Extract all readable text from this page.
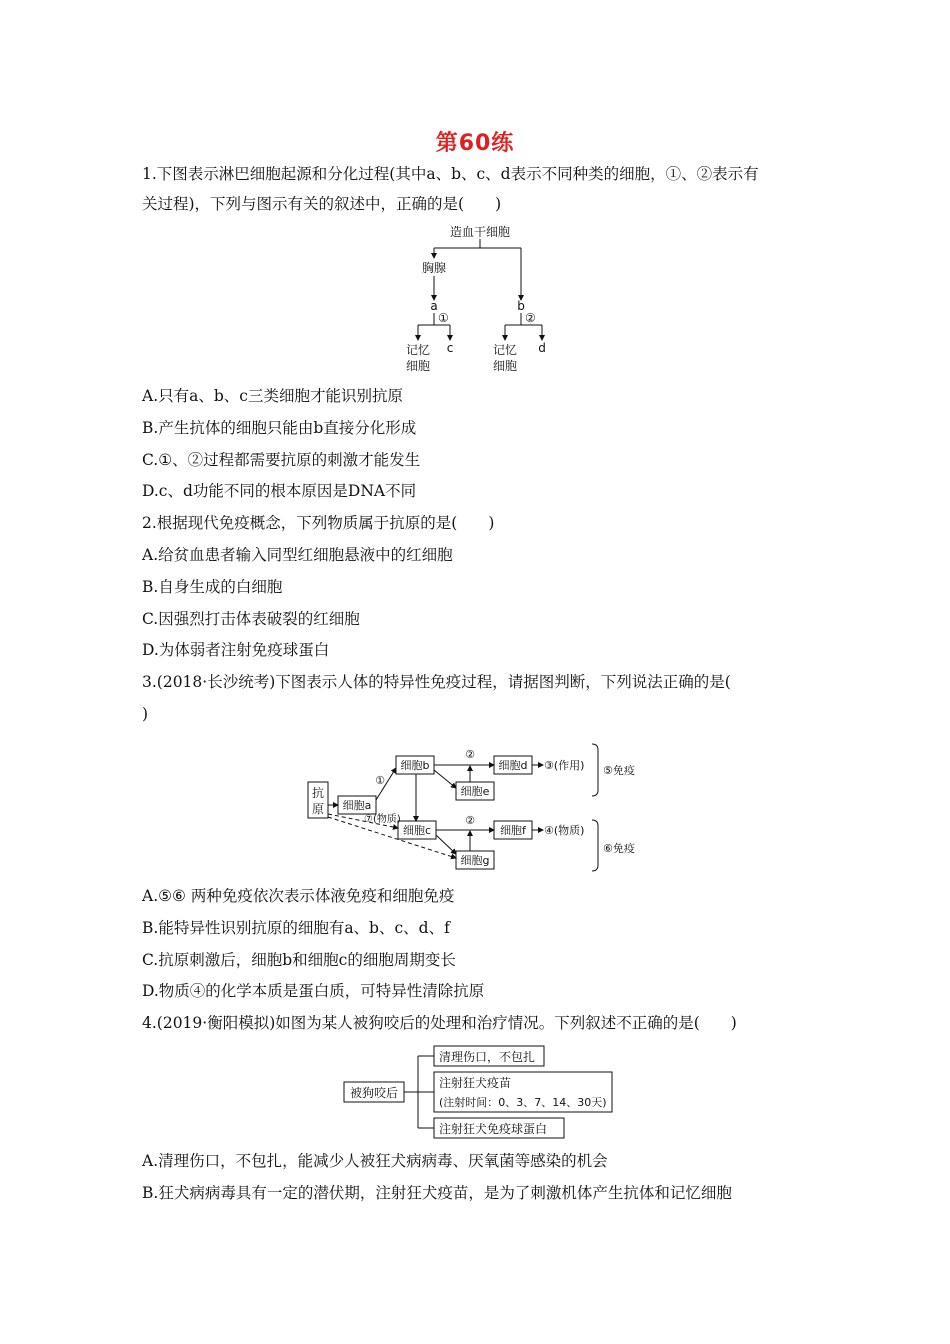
第60练
1.下图表示淋巴细胞起源和分化过程(其中a、b、c、d表示不同种类的细胞，①、②表示有
关过程)，下列与图示有关的叙述中，正确的是(　　)
造血干细胞
胸腺
a	b
①	②
记忆
细胞
c	记忆
细胞
d
A.只有a、b、c三类细胞才能识别抗原
B.产生抗体的细胞只能由b直接分化形成
C.①、②过程都需要抗原的刺激才能发生
D.c、d功能不同的根本原因是DNA不同
2.根据现代免疫概念，下列物质属于抗原的是(　　)
A.给贫血患者输入同型红细胞悬液中的红细胞
B.自身生成的白细胞
C.因强烈打击体表破裂的红细胞
D.为体弱者注射免疫球蛋白
3.(2018·长沙统考)下图表示人体的特异性免疫过程，请据图判断，下列说法正确的是(
)
抗
原 细胞a
细胞b
细胞c
细胞d
细胞e
细胞f
细胞g
①
②
②
⑦(物质)
③(作用)
④(物质)
⑤免疫
⑥免疫
A.⑤⑥ 两种免疫依次表示体液免疫和细胞免疫
B.能特异性识别抗原的细胞有a、b、c、d、f
C.抗原刺激后，细胞b和细胞c的细胞周期变长
D.物质④的化学本质是蛋白质，可特异性清除抗原
4.(2019·衡阳模拟)如图为某人被狗咬后的处理和治疗情况。下列叙述不正确的是(　　)
被狗咬后
清理伤口，不包扎
注射狂犬疫苗
(注射时间：0、3、7、14、30天)
注射狂犬免疫球蛋白
A.清理伤口，不包扎，能减少人被狂犬病病毒、厌氧菌等感染的机会
B.狂犬病病毒具有一定的潜伏期，注射狂犬疫苗，是为了刺激机体产生抗体和记忆细胞
